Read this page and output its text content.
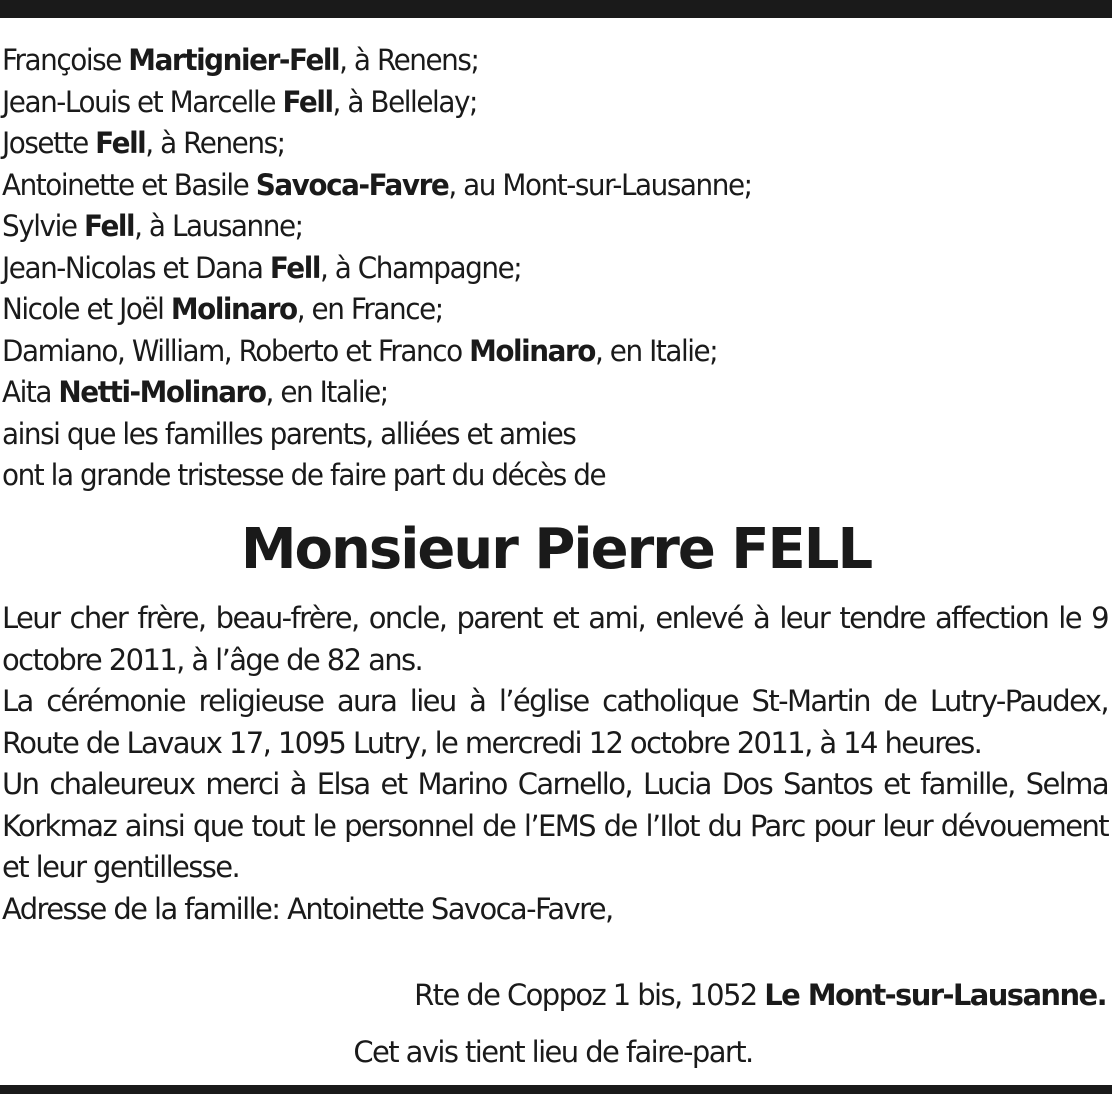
Françoise Martignier-Fell, à Renens;
Jean-Louis et Marcelle Fell, à Bellelay;
Josette Fell, à Renens;
Antoinette et Basile Savoca-Favre, au Mont-sur-Lausanne;
Sylvie Fell, à Lausanne;
Jean-Nicolas et Dana Fell, à Champagne;
Nicole et Joël Molinaro, en France;
Damiano, William, Roberto et Franco Molinaro, en Italie;
Aita Netti-Molinaro, en Italie;
ainsi que les familles parents, alliées et amies
ont la grande tristesse de faire part du décès de
Monsieur Pierre FELL

Leur cher frère, beau-frère, oncle, parent et ami, enlevé à leur tendre affection le 9 octobre 2011, à l’âge de 82 ans.

La cérémonie religieuse aura lieu à l’église catholique St-Martin de Lutry-Paudex, Route de Lavaux 17, 1095 Lutry, le mercredi 12 octobre 2011, à 14 heures.

Un chaleureux merci à Elsa et Marino Carnello, Lucia Dos Santos et famille, Selma Korkmaz ainsi que tout le personnel de l’EMS de l’Ilot du Parc pour leur dévouement et leur gentillesse.

Adresse de la famille: Antoinette Savoca-Favre,
Rte de Coppoz 1 bis, 1052 Le Mont-sur-Lausanne.
Cet avis tient lieu de faire-part.
